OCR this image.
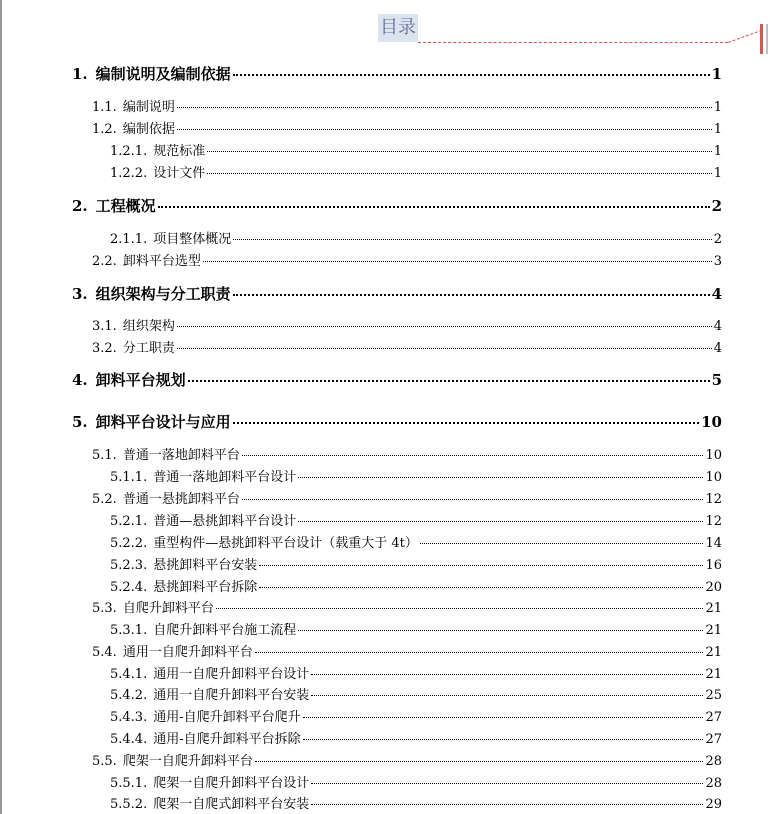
目录
1. 编制说明及编制依据	1
1.1. 编制说明	1
1.2. 编制依据	1
1.2.1. 规范标准	1
1.2.2. 设计文件	1
2. 工程概况	2
2.1.1. 项目整体概况	2
2.2. 卸料平台选型	3
3. 组织架构与分工职责	4
3.1. 组织架构	4
3.2. 分工职责	4
4. 卸料平台规划	5
5. 卸料平台设计与应用	10
5.1. 普通一落地卸料平台	10
5.1.1. 普通一落地卸料平台设计	10
5.2. 普通一悬挑卸料平台	12
5.2.1. 普通—悬挑卸料平台设计	12
5.2.2. 重型构件—悬挑卸料平台设计（载重大于 4t）	14
5.2.3. 悬挑卸料平台安装	16
5.2.4. 悬挑卸料平台拆除	20
5.3. 自爬升卸料平台	21
5.3.1. 自爬升卸料平台施工流程	21
5.4. 通用一自爬升卸料平台	21
5.4.1. 通用一自爬升卸料平台设计	21
5.4.2. 通用一自爬升卸料平台安装	25
5.4.3. 通用-自爬升卸料平台爬升	27
5.4.4. 通用-自爬升卸料平台拆除	27
5.5. 爬架一自爬升卸料平台	28
5.5.1. 爬架一自爬升卸料平台设计	28
5.5.2. 爬架一自爬式卸料平台安装	29
